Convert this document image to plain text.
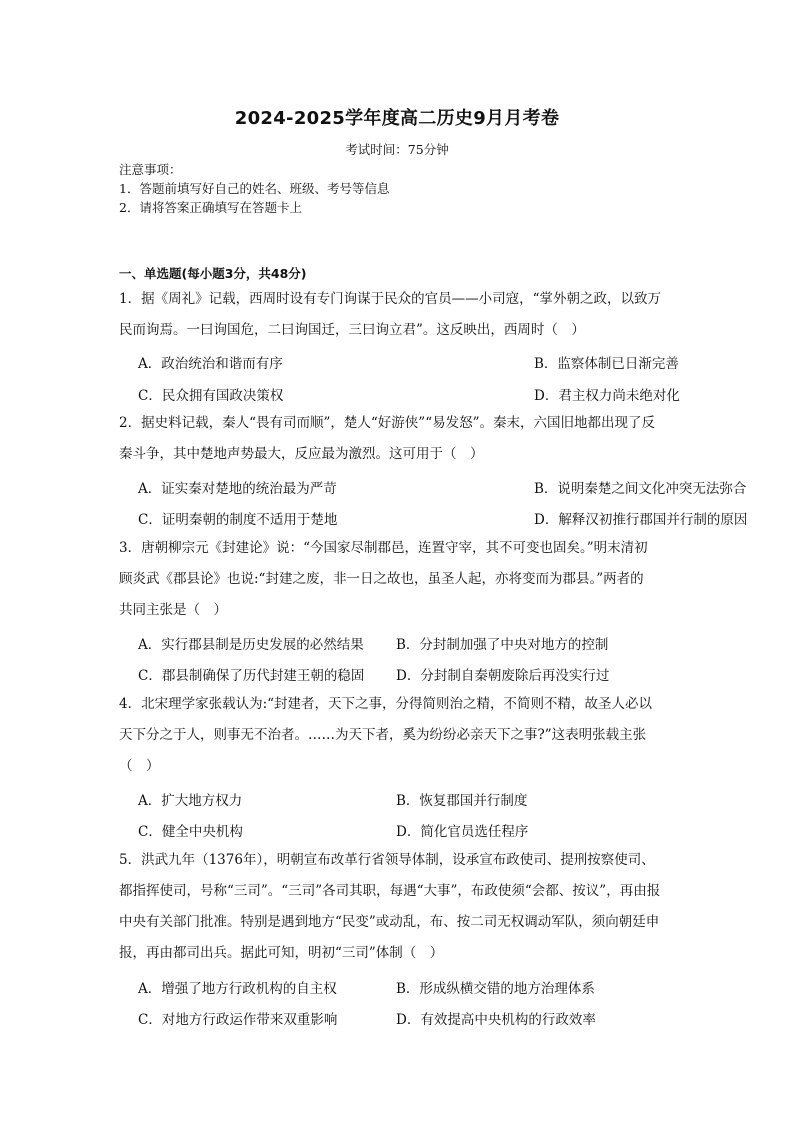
2024-2025学年度高二历史9月月考卷
考试时间：75分钟
注意事项：
1．答题前填写好自己的姓名、班级、考号等信息
2．请将答案正确填写在答题卡上
一、单选题(每小题3分，共48分)

1．据《周礼》记载，西周时设有专门询谋于民众的官员——小司寇，“掌外朝之政，以致万

民而询焉。一曰询国危，二曰询国迁，三曰询立君”。这反映出，西周时（　）

A．政治统治和谐而有序	B．监察体制已日渐完善
C．民众拥有国政决策权	D．君主权力尚未绝对化

2．据史料记载，秦人“畏有司而顺”，楚人“好游侠”“易发怒”。秦末，六国旧地都出现了反

秦斗争，其中楚地声势最大，反应最为激烈。这可用于（　）

A．证实秦对楚地的统治最为严苛	B．说明秦楚之间文化冲突无法弥合
C．证明秦朝的制度不适用于楚地	D．解释汉初推行郡国并行制的原因

3．唐朝柳宗元《封建论》说：“今国家尽制郡邑，连置守宰，其不可变也固矣。”明末清初

顾炎武《郡县论》也说:“封建之废，非一日之故也，虽圣人起，亦将变而为郡县。”两者的

共同主张是（　）

A．实行郡县制是历史发展的必然结果 B．分封制加强了中央对地方的控制
C．郡县制确保了历代封建王朝的稳固 D．分封制自秦朝废除后再没实行过

4．北宋理学家张载认为:“封建者，天下之事，分得简则治之精，不简则不精，故圣人必以

天下分之于人，则事无不治者。……为天下者，奚为纷纷必亲天下之事?”这表明张载主张

（　）

A．扩大地方权力	B．恢复郡国并行制度
C．健全中央机构	D．简化官员选任程序

5．洪武九年（1376年），明朝宣布改革行省领导体制，设承宣布政使司、提刑按察使司、

都指挥使司，号称“三司”。“三司”各司其职，每遇“大事”，布政使须“会都、按议”，再由报

中央有关部门批准。特别是遇到地方“民变”或动乱，布、按二司无权调动军队，须向朝廷申

报，再由都司出兵。据此可知，明初“三司”体制（　）

A．增强了地方行政机构的自主权	B．形成纵横交错的地方治理体系
C．对地方行政运作带来双重影响	D．有效提高中央机构的行政效率
